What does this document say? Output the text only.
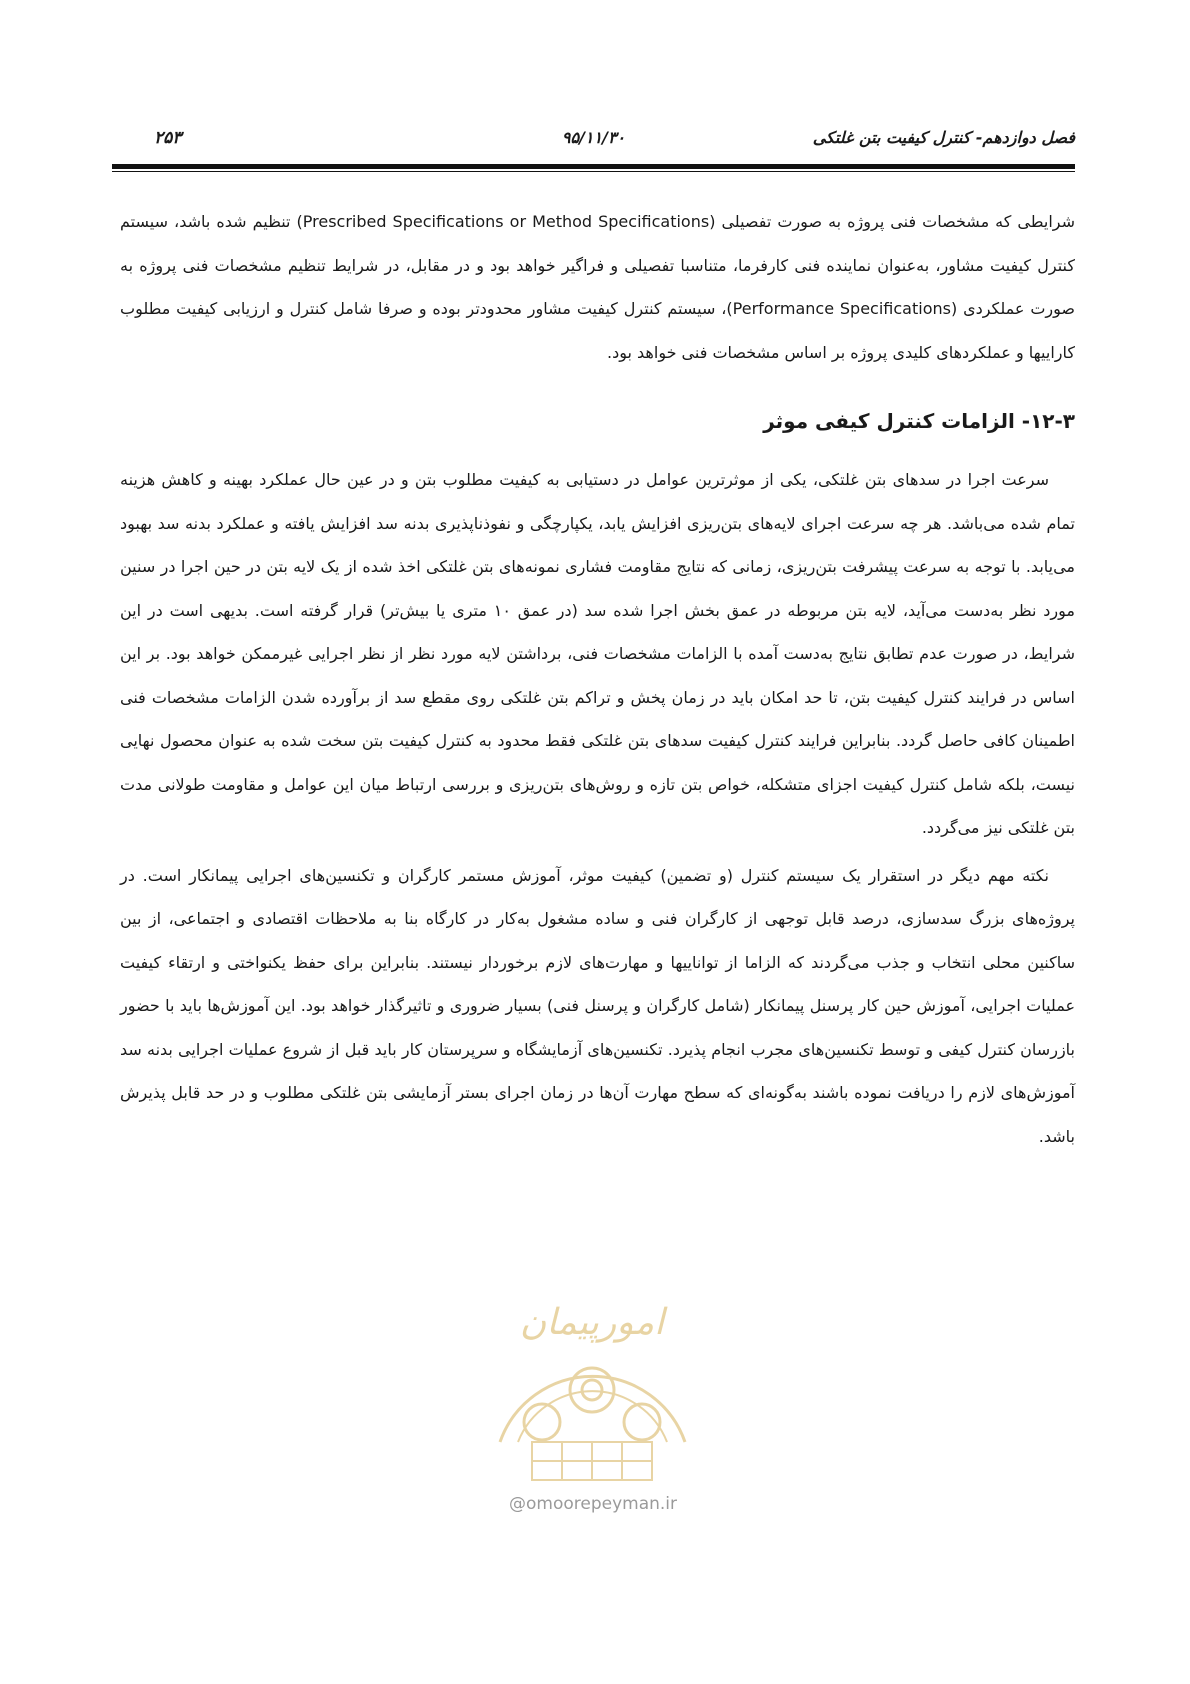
۲۵۳	۹۵/۱۱/۳۰	فصل دوازدهم- کنترل کیفیت بتن غلتکی

شرایطی که مشخصات فنی پروژه به صورت تفصیلی (Prescribed Specifications or Method Specifications) تنظیم شده باشد، سیستم کنترل کیفیت مشاور، به‌عنوان نماینده فنی کارفرما، متناسبا تفصیلی و فراگیر خواهد بود و در مقابل، در شرایط تنظیم مشخصات فنی پروژه به صورت عملکردی (Performance Specifications)، سیستم کنترل کیفیت مشاور محدودتر بوده و صرفا شامل کنترل و ارزیابی کیفیت مطلوب کاراییها و عملکردهای کلیدی پروژه بر اساس مشخصات فنی خواهد بود.

۱۲-۳- الزامات کنترل کیفی موثر

سرعت اجرا در سدهای بتن غلتکی، یکی از موثرترین عوامل در دستیابی به کیفیت مطلوب بتن و در عین حال عملکرد بهینه و کاهش هزینه تمام شده می‌باشد. هر چه سرعت اجرای لایه‌های بتن‌ریزی افزایش یابد، یکپارچگی و نفوذناپذیری بدنه سد افزایش یافته و عملکرد بدنه سد بهبود می‌یابد. با توجه به سرعت پیشرفت بتن‌ریزی، زمانی که نتایج مقاومت فشاری نمونه‌های بتن غلتکی اخذ شده از یک لایه بتن در حین اجرا در سنین مورد نظر به‌دست می‌آید، لایه بتن مربوطه در عمق بخش اجرا شده سد (در عمق ۱۰ متری یا بیش‌تر) قرار گرفته است. بدیهی است در این شرایط، در صورت عدم تطابق نتایج به‌دست آمده با الزامات مشخصات فنی، برداشتن لایه مورد نظر از نظر اجرایی غیرممکن خواهد بود. بر این اساس در فرایند کنترل کیفیت بتن، تا حد امکان باید در زمان پخش و تراکم بتن غلتکی روی مقطع سد از برآورده شدن الزامات مشخصات فنی اطمینان کافی حاصل گردد. بنابراین فرایند کنترل کیفیت سدهای بتن غلتکی فقط محدود به کنترل کیفیت بتن سخت شده به عنوان محصول نهایی نیست، بلکه شامل کنترل کیفیت اجزای متشکله، خواص بتن تازه و روش‌های بتن‌ریزی و بررسی ارتباط میان این عوامل و مقاومت طولانی مدت بتن غلتکی نیز می‌گردد.

نکته مهم دیگر در استقرار یک سیستم کنترل (و تضمین) کیفیت موثر، آموزش مستمر کارگران و تکنسین‌های اجرایی پیمانکار است. در پروژه‌های بزرگ سدسازی، درصد قابل توجهی از کارگران فنی و ساده مشغول به‌کار در کارگاه بنا به ملاحظات اقتصادی و اجتماعی، از بین ساکنین محلی انتخاب و جذب می‌گردند که الزاما از تواناییها و مهارت‌های لازم برخوردار نیستند. بنابراین برای حفظ یکنواختی و ارتقاء کیفیت عملیات اجرایی، آموزش حین کار پرسنل پیمانکار (شامل کارگران و پرسنل فنی) بسیار ضروری و تاثیرگذار خواهد بود. این آموزش‌ها باید با حضور بازرسان کنترل کیفی و توسط تکنسین‌های مجرب انجام پذیرد. تکنسین‌های آزمایشگاه و سرپرستان کار باید قبل از شروع عملیات اجرایی بدنه سد آموزش‌های لازم را دریافت نموده باشند به‌گونه‌ای که سطح مهارت آن‌ها در زمان اجرای بستر آزمایشی بتن غلتکی مطلوب و در حد قابل پذیرش باشد.

امورپیمان
@omoorepeyman.ir
